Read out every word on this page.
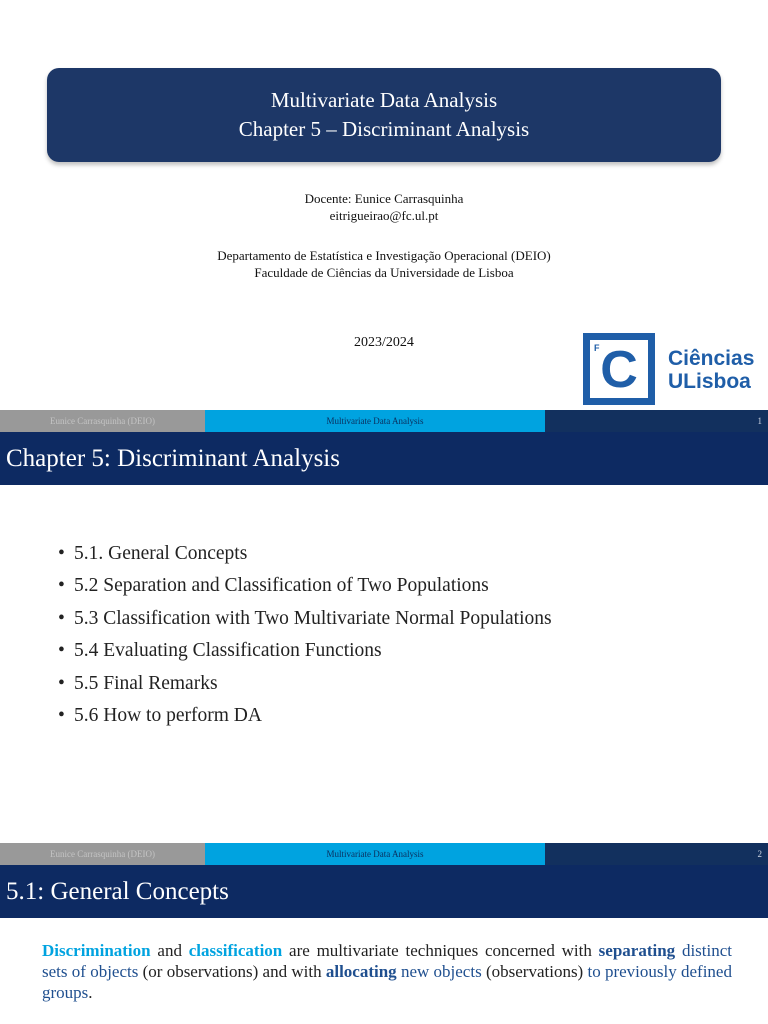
Multivariate Data Analysis
Chapter 5 – Discriminant Analysis
Docente: Eunice Carrasquinha
eitrigueirao@fc.ul.pt
Departamento de Estatística e Investigação Operacional (DEIO)
Faculdade de Ciências da Universidade de Lisboa
2023/2024	F C	Ciências
ULisboa
Eunice Carrasquinha (DEIO)	Multivariate Data Analysis	1
Chapter 5: Discriminant Analysis
• 5.1. General Concepts
• 5.2 Separation and Classification of Two Populations
• 5.3 Classification with Two Multivariate Normal Populations
• 5.4 Evaluating Classification Functions
• 5.5 Final Remarks
• 5.6 How to perform DA
Eunice Carrasquinha (DEIO)	Multivariate Data Analysis	2
5.1: General Concepts
Discrimination and classification are multivariate techniques concerned with separating distinct sets of objects (or observations) and with allocating new objects (observations) to previously defined groups.
